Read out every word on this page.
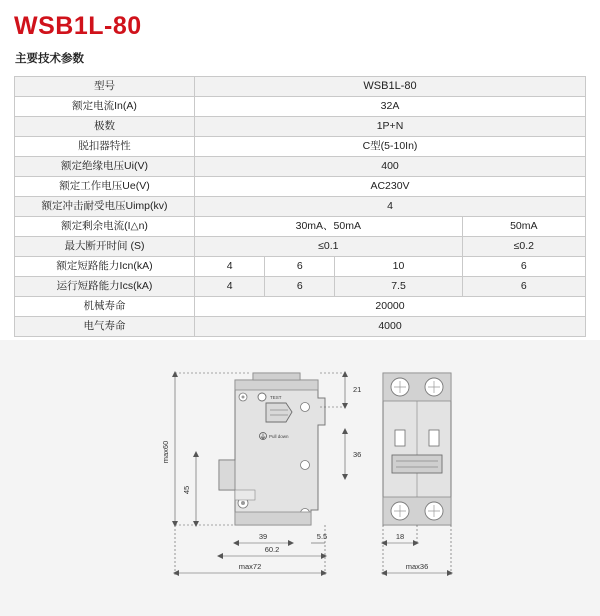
WSB1L-80
主要技术参数
型号	WSB1L-80			
额定电流In(A)	32A			
极数	1P+N			
脱扣器特性	C型(5-10In)			
额定绝缘电压Ui(V)	400			
额定工作电压Ue(V)	AC230V			
额定冲击耐受电压Uimp(kv)	4			
额定剩余电流(I△n)	30mA、50mA			50mA
最大断开时间 (S)	≤0.1			≤0.2
额定短路能力Icn(kA)	4	6	10	6
运行短路能力Ics(kA)	4	6	7.5	6
机械寿命	20000			
电气寿命	4000			
TEST
Pull down
max60
45
21
36
39	5.5
60.2
max72
18
max36
